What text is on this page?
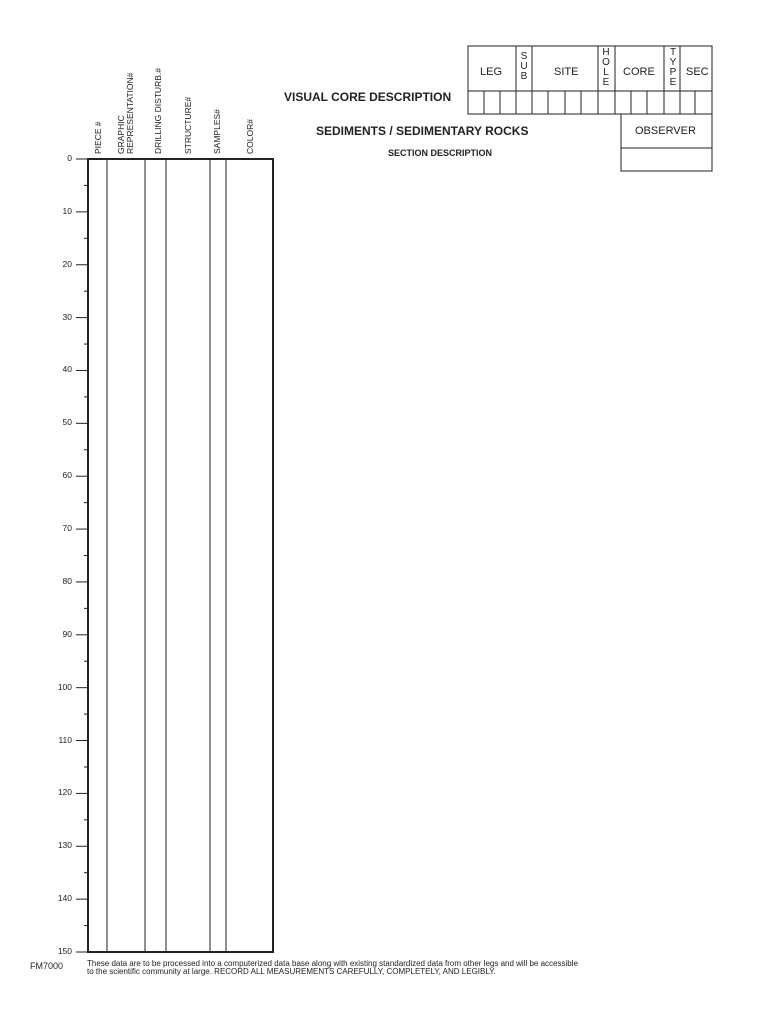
VISUAL CORE DESCRIPTION
SEDIMENTS / SEDIMENTARY ROCKS
SECTION DESCRIPTION
LEG
S
U
B SITE
H
O
L
E
CORE
T
Y
P
E
SEC
OBSERVER
PIECE # GRAPHIC
REPRESENTATION# DRILLING DISTURB.# STRUCTURE# SAMPLES#	COLOR#
0
10
20
30
40
50
60
70
80
90
100
110
120
130
140
150
FM7000	These data are to be processed into a computerized data base along with existing standardized data from other legs and will be accessible
to the scientific community at large. RECORD ALL MEASUREMENTS CAREFULLY, COMPLETELY, AND LEGIBLY.
